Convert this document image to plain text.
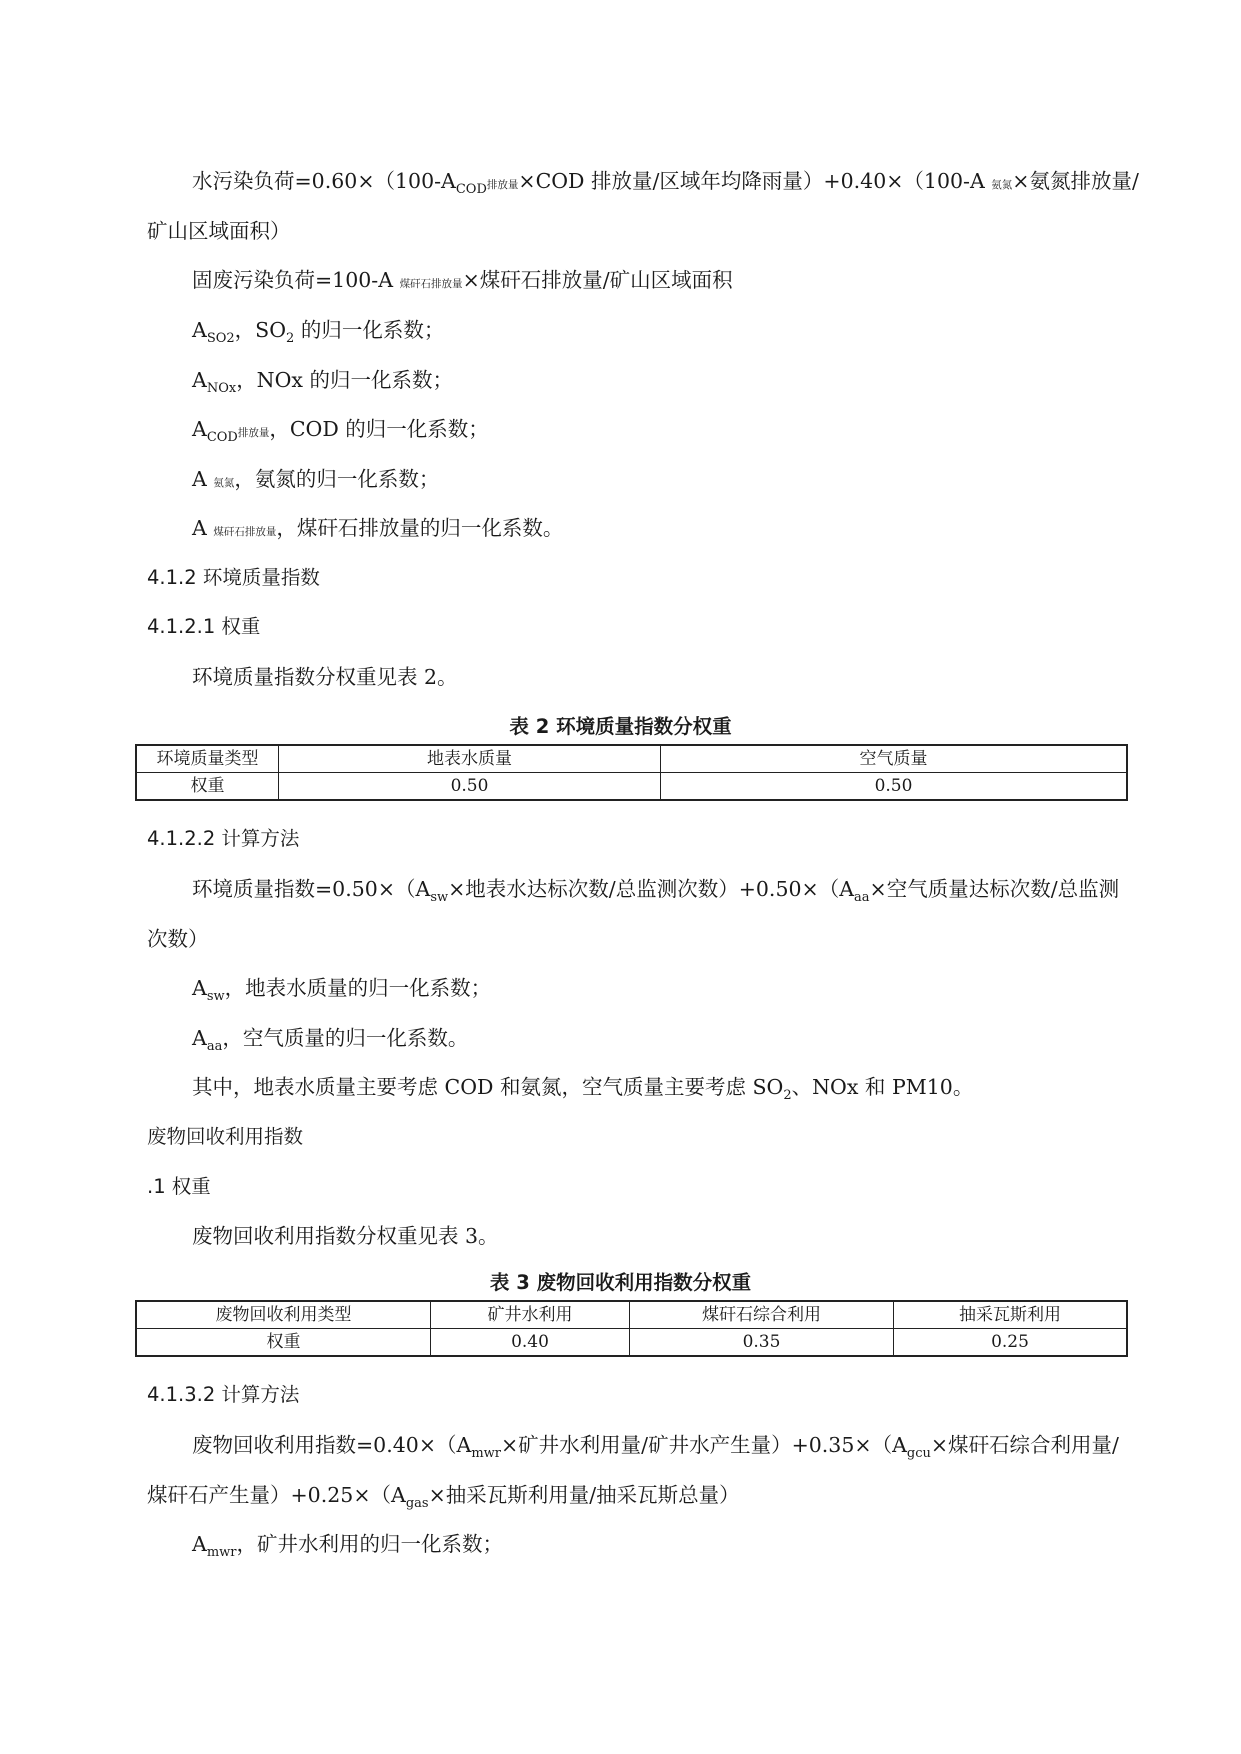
水污染负荷$=0.60\times(100-A_{COD}$排放量×COD 排放量/区域年均降雨量）+0.40×（100-A 氨氮×氨氮排放量/
矿山区域面积）
固废污染负荷=100-A 煤矸石排放量×煤矸石排放量/矿山区域面积
$A_{SO2}$，$SO_2$ 的归一化系数；
$A_{NOx}$，NOx 的归一化系数；
$A_{COD}$排放量，COD 的归一化系数；
A 氨氮，氨氮的归一化系数；
A 煤矸石排放量，煤矸石排放量的归一化系数。
4.1.2 环境质量指数
4.1.2.1 权重
环境质量指数分权重见表 2。
表 2 环境质量指数分权重
环境质量类型	地表水质量	空气质量
权重	0.50	0.50
4.1.2.2 计算方法
环境质量指数$=0.50\times(A_{sw}\times$地表水达标次数/总监测次数）$+0.50\times(A_{aa}\times$空气质量达标次数/总监测
次数）
$A_{sw}$，地表水质量的归一化系数；
$A_{aa}$，空气质量的归一化系数。
其中，地表水质量主要考虑 COD 和氨氮，空气质量主要考虑 $SO_2$、NOx 和 PM10。
废物回收利用指数
.1 权重
废物回收利用指数分权重见表 3。
表 3 废物回收利用指数分权重
废物回收利用类型	矿井水利用	煤矸石综合利用	抽采瓦斯利用
权重	0.40	0.35	0.25
4.1.3.2 计算方法
废物回收利用指数$=0.40\times(A_{mwr}\times$矿井水利用量/矿井水产生量）$+0.35\times(A_{gcu}\times$煤矸石综合利用量/
煤矸石产生量）$+0.25\times(A_{gas}\times$抽采瓦斯利用量/抽采瓦斯总量）
$A_{mwr}$，矿井水利用的归一化系数；
